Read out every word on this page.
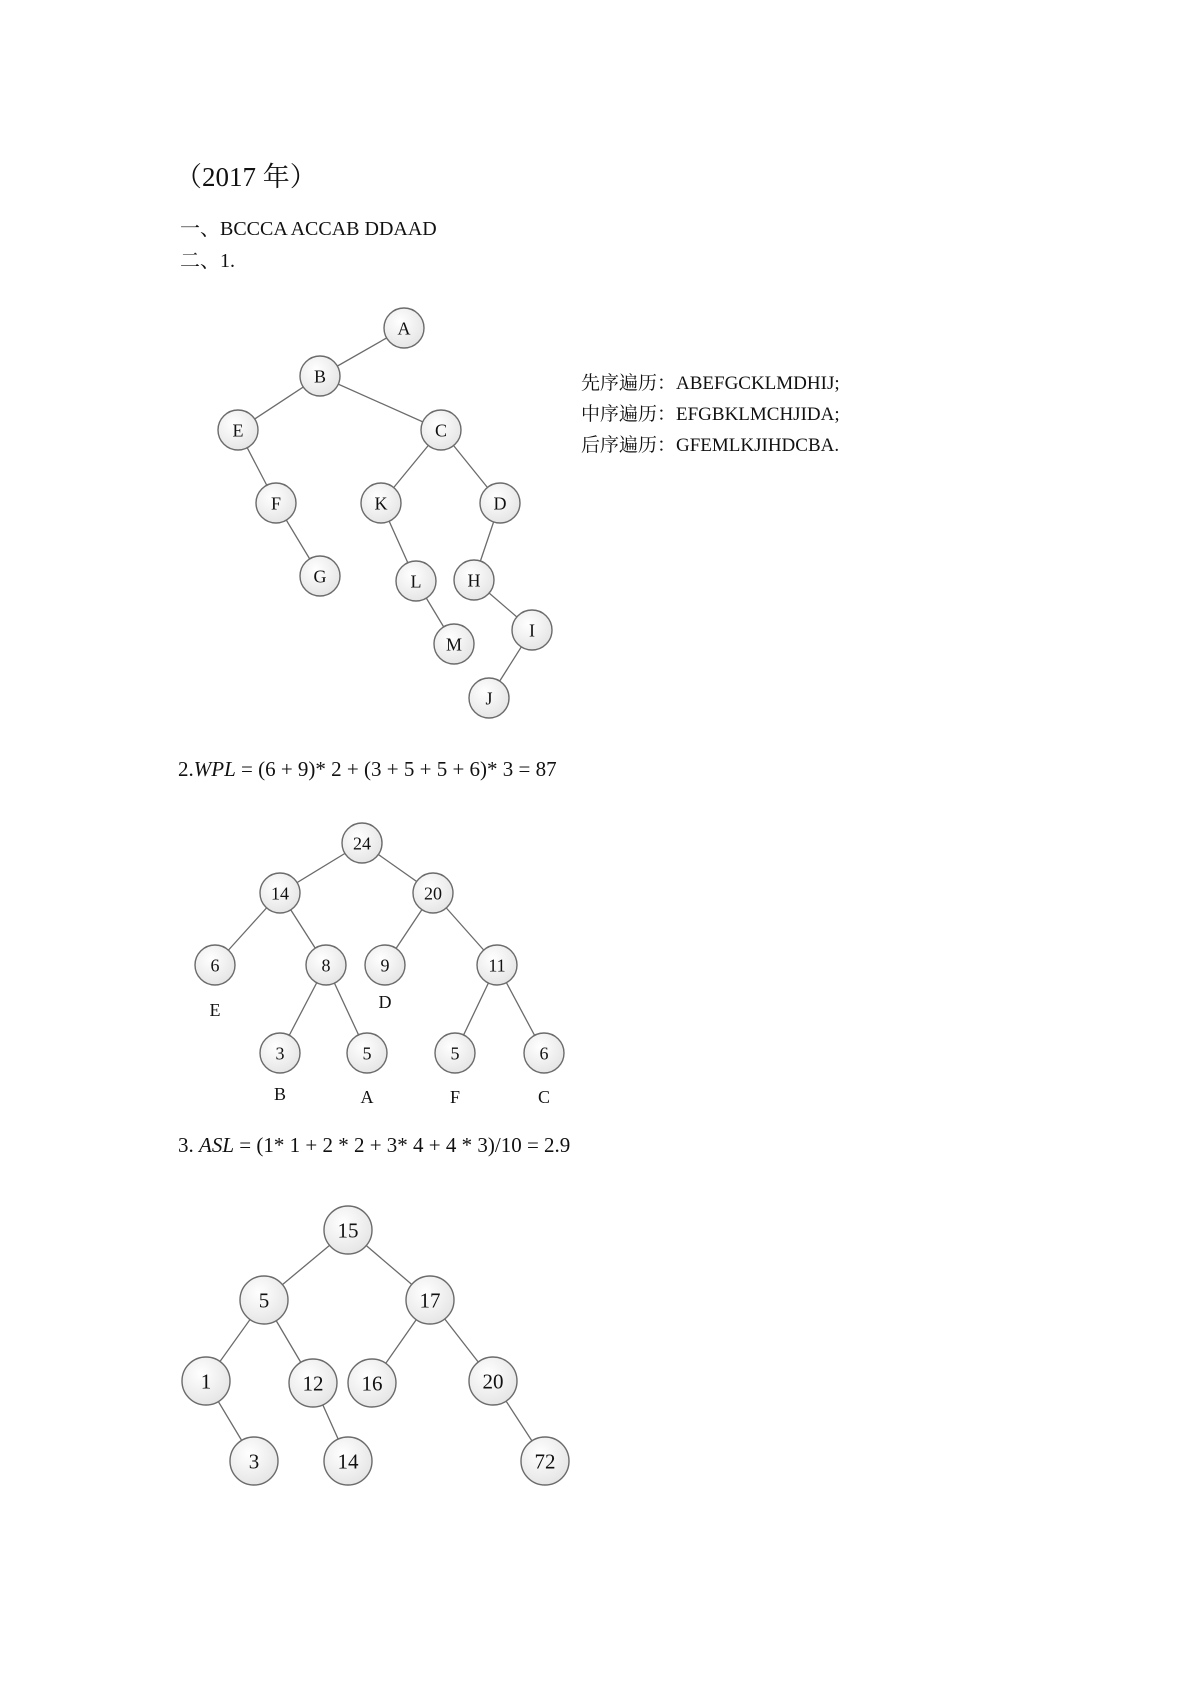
（2017 年）
一、BCCCA ACCAB DDAAD
二、1.
A
B
C
D
E
F
G	H
I
J
K
L
M
先序遍历：ABEFGCKLMDHIJ;
中序遍历：EFGBKLMCHJIDA;
后序遍历：GFEMLKJIHDCBA.
2.WPL = (6 + 9)* 2 + (3 + 5 + 5 + 6)* 3 = 87
24
14	20
6	8	9	11
3	5	5	6
E	D
B	A	F	C
3. ASL = (1* 1 + 2 * 2 + 3* 4 + 4 * 3)/10 = 2.9
15
5	17
1	12 16	20
3	14	72
